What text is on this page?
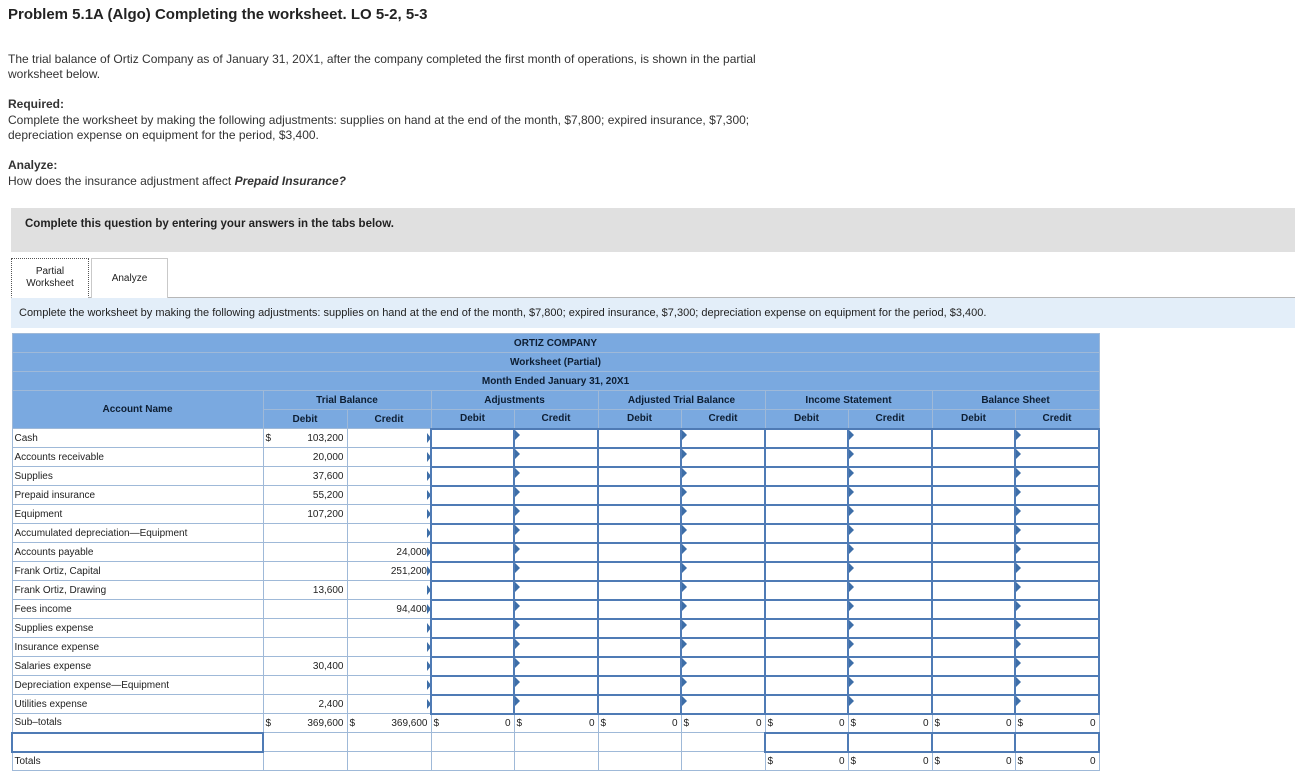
Problem 5.1A (Algo) Completing the worksheet. LO 5-2, 5-3

The trial balance of Ortiz Company as of January 31, 20X1, after the company completed the first month of operations, is shown in the partial worksheet below.

Required:

Complete the worksheet by making the following adjustments: supplies on hand at the end of the month, $7,800; expired insurance, $7,300; depreciation expense on equipment for the period, $3,400.

Analyze:

How does the insurance adjustment affect Prepaid Insurance?

Complete this question by entering your answers in the tabs below.
Partial
Worksheet	Analyze
Complete the worksheet by making the following adjustments: supplies on hand at the end of the month, $7,800; expired insurance, $7,300; depreciation expense on equipment for the period, $3,400.
ORTIZ COMPANY										
Worksheet (Partial)										
Month Ended January 31, 20X1										
Account Name	Trial Balance		Adjustments		Adjusted Trial Balance		Income Statement		Balance Sheet	
	Debit	Credit	Debit	Credit	Debit	Credit	Debit	Credit	Debit	Credit
Cash	$ 103,200									

Accounts receivable	20,000									
Supplies	37,600									
Prepaid insurance	55,200									
Equipment	107,200									
Accumulated depreciation—Equipment										
Accounts payable		24,000								
Frank Ortiz, Capital		251,200								
Frank Ortiz, Drawing	13,600									
Fees income		94,400								
Supplies expense										
Insurance expense										
Salaries expense	30,400									
Depreciation expense—Equipment										
Utilities expense	2,400									
Sub–totals	$ 369,600	$ 369,600	$ 0	$ 0	$ 0	$ 0	$ 0	$ 0	$ 0	$ 0

Totals							$ 0	$ 0	$ 0	$ 0
